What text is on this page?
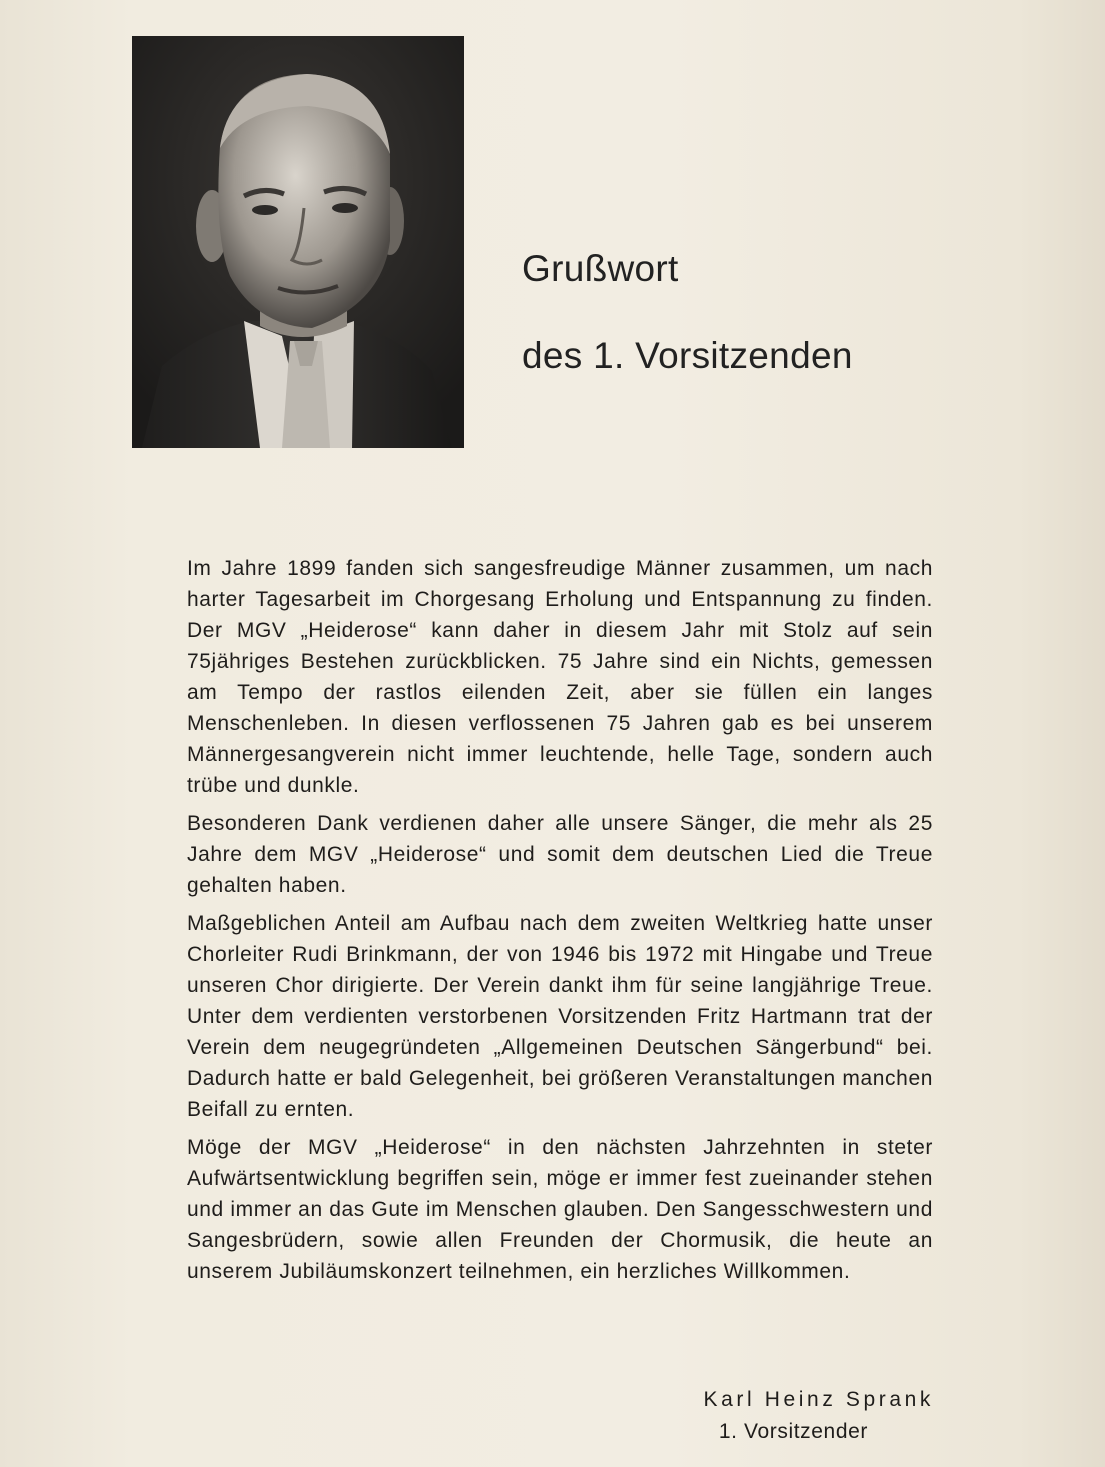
Grußwort
des 1. Vorsitzenden

Im Jahre 1899 fanden sich sangesfreudige Männer zusammen, um nach harter Tagesarbeit im Chorgesang Erholung und Entspannung zu finden. Der MGV „Heiderose“ kann daher in diesem Jahr mit Stolz auf sein 75jähriges Bestehen zurückblicken. 75 Jahre sind ein Nichts, gemessen am Tempo der rastlos eilenden Zeit, aber sie füllen ein langes Menschenleben. In diesen verflossenen 75 Jahren gab es bei unserem Männergesangverein nicht immer leuchtende, helle Tage, sondern auch trübe und dunkle.

Besonderen Dank verdienen daher alle unsere Sänger, die mehr als 25 Jahre dem MGV „Heiderose“ und somit dem deutschen Lied die Treue gehalten haben.

Maßgeblichen Anteil am Aufbau nach dem zweiten Weltkrieg hatte unser Chorleiter Rudi Brinkmann, der von 1946 bis 1972 mit Hingabe und Treue unseren Chor dirigierte. Der Verein dankt ihm für seine langjährige Treue. Unter dem verdienten verstorbenen Vorsitzenden Fritz Hartmann trat der Verein dem neugegründeten „Allgemeinen Deutschen Sängerbund“ bei. Dadurch hatte er bald Gelegenheit, bei größeren Veranstaltungen manchen Beifall zu ernten.

Möge der MGV „Heiderose“ in den nächsten Jahrzehnten in steter Aufwärtsentwicklung begriffen sein, möge er immer fest zueinander stehen und immer an das Gute im Menschen glauben. Den Sangesschwestern und Sangesbrüdern, sowie allen Freunden der Chormusik, die heute an unserem Jubiläumskonzert teilnehmen, ein herzliches Willkommen.

Karl Heinz Sprank
1. Vorsitzender
